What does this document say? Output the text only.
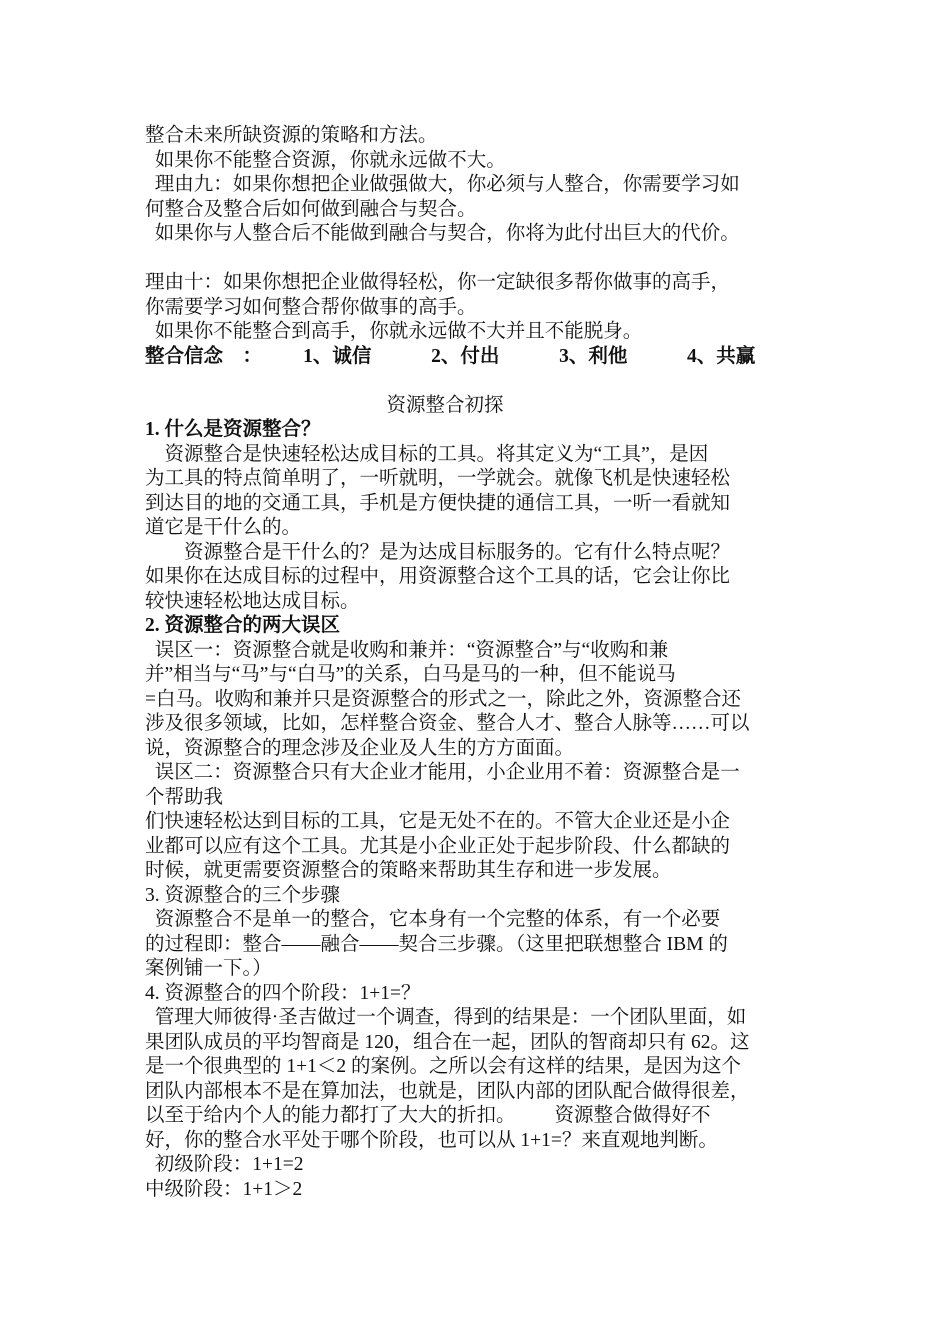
整合未来所缺资源的策略和方法。
如果你不能整合资源，你就永远做不大。
理由九：如果你想把企业做强做大，你必须与人整合，你需要学习如
何整合及整合后如何做到融合与契合。
如果你与人整合后不能做到融合与契合，你将为此付出巨大的代价。
理由十：如果你想把企业做得轻松，你一定缺很多帮你做事的高手，
你需要学习如何整合帮你做事的高手。
如果你不能整合到高手，你就永远做不大并且不能脱身。
整合信念    ：	1、诚信	2、付出	3、利他	4、共赢
资源整合初探
1. 什么是资源整合？
资源整合是快速轻松达成目标的工具。将其定义为“工具”，是因
为工具的特点简单明了，一听就明，一学就会。就像飞机是快速轻松
到达目的地的交通工具，手机是方便快捷的通信工具，一听一看就知
道它是干什么的。
资源整合是干什么的？是为达成目标服务的。它有什么特点呢？
如果你在达成目标的过程中，用资源整合这个工具的话，它会让你比
较快速轻松地达成目标。
2. 资源整合的两大误区
误区一：资源整合就是收购和兼并：“资源整合”与“收购和兼
并”相当与“马”与“白马”的关系，白马是马的一种，但不能说马
=白马。收购和兼并只是资源整合的形式之一，除此之外，资源整合还
涉及很多领域，比如，怎样整合资金、整合人才、整合人脉等……可以
说，资源整合的理念涉及企业及人生的方方面面。
误区二：资源整合只有大企业才能用，小企业用不着：资源整合是一
个帮助我
们快速轻松达到目标的工具，它是无处不在的。不管大企业还是小企
业都可以应有这个工具。尤其是小企业正处于起步阶段、什么都缺的
时候，就更需要资源整合的策略来帮助其生存和进一步发展。
3. 资源整合的三个步骤
资源整合不是单一的整合，它本身有一个完整的体系，有一个必要
的过程即：整合——融合——契合三步骤。（这里把联想整合 IBM 的
案例铺一下。）
4. 资源整合的四个阶段：1+1=？
管理大师彼得·圣吉做过一个调查，得到的结果是：一个团队里面，如
果团队成员的平均智商是 120，组合在一起，团队的智商却只有 62。这
是一个很典型的 1+1＜2 的案例。之所以会有这样的结果，是因为这个
团队内部根本不是在算加法，也就是，团队内部的团队配合做得很差，
以至于给内个人的能力都打了大大的折扣。        资源整合做得好不
好，你的整合水平处于哪个阶段，也可以从 1+1=？来直观地判断。
初级阶段：1+1=2
中级阶段：1+1＞2
